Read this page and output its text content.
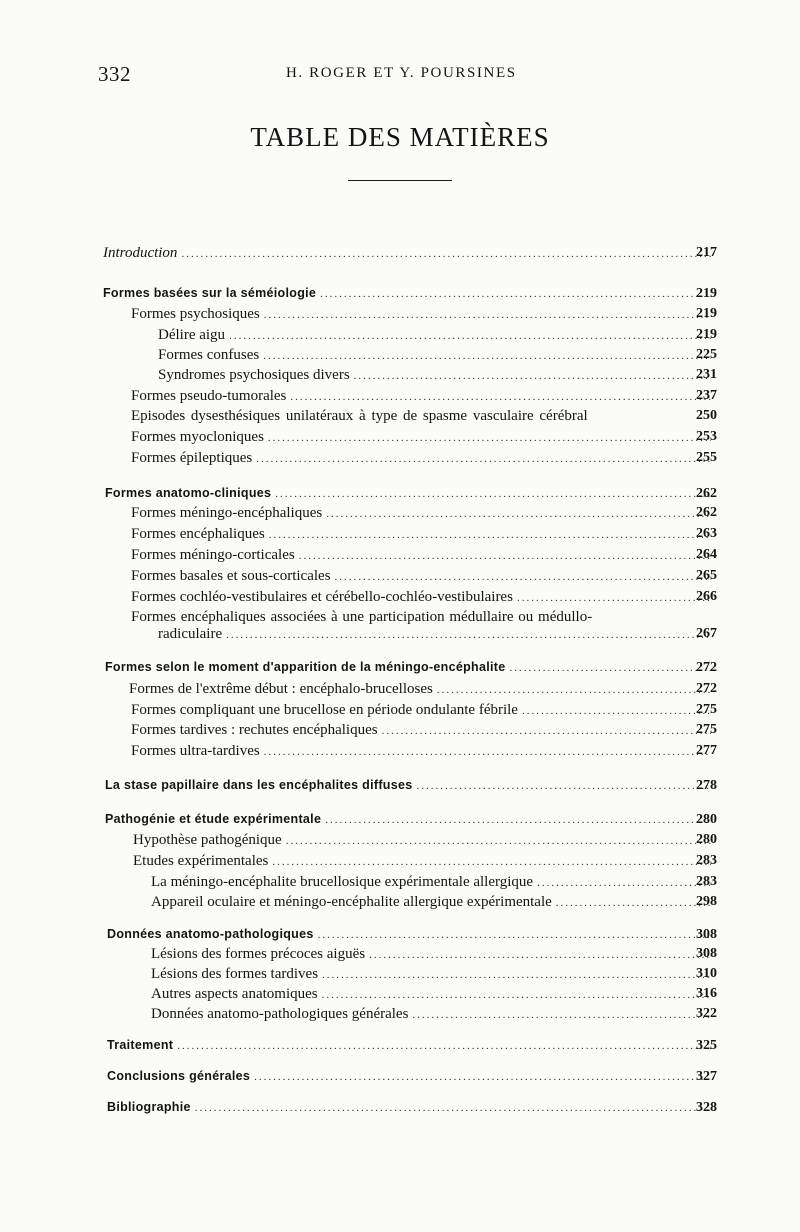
332	H. ROGER ET Y. POURSINES
TABLE DES MATIÈRES
Introduction .....	217
Formes basées sur la séméiologie .....	219
Formes psychosiques .....	219
Délire aigu .....	219
Formes confuses .....	225
Syndromes psychosiques divers .....	231
Formes pseudo-tumorales .....	237
Episodes dysesthésiques unilatéraux à type de spasme vasculaire cérébral	250
Formes myocloniques .....	253
Formes épileptiques .....	255
Formes anatomo-cliniques .....	262
Formes méningo-encéphaliques .....	262
Formes encéphaliques .....	263
Formes méningo-corticales .....	264
Formes basales et sous-corticales .....	265
Formes cochléo-vestibulaires et cérébello-cochléo-vestibulaires .....	266
Formes encéphaliques associées à une participation médullaire ou médullo-
radiculaire .....	267
Formes selon le moment d'apparition de la méningo-encéphalite .....	272
Formes de l'extrême début : encéphalo-brucelloses .....	272
Formes compliquant une brucellose en période ondulante fébrile .....	275
Formes tardives : rechutes encéphaliques .....	275
Formes ultra-tardives .....	277
La stase papillaire dans les encéphalites diffuses .....	278
Pathogénie et étude expérimentale .....	280
Hypothèse pathogénique .....	280
Etudes expérimentales .....	283
La méningo-encéphalite brucellosique expérimentale allergique .....	283
Appareil oculaire et méningo-encéphalite allergique expérimentale .....	298
Données anatomo-pathologiques .....	308
Lésions des formes précoces aiguës .....	308
Lésions des formes tardives .....	310
Autres aspects anatomiques .....	316
Données anatomo-pathologiques générales .....	322
Traitement .....	325
Conclusions générales .....	327
Bibliographie .....	328
